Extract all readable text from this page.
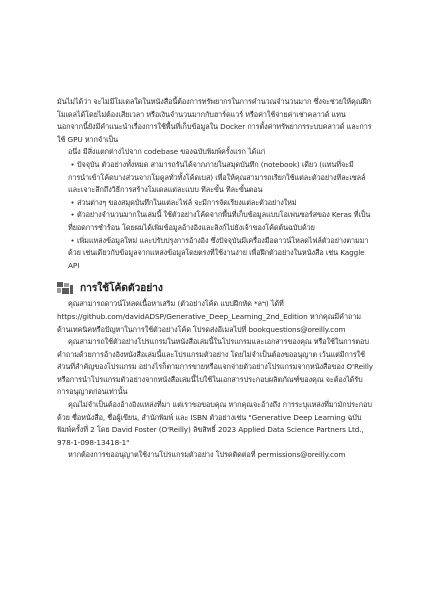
มันไม่ได้ว่า จะไม่มีโมเดลใดในหนังสือนี้ต้องการทรัพยากรในการคำนวณจำนวนมาก ซึ่งจะช่วยให้คุณฝึกโมเดลได้โดยไม่ต้องเสียเวลา หรือเงินจำนวนมากกับฮาร์ดแวร์ หรือค่าใช้จ่ายค่าเช่าคลาวด์ แทน นอกจากนี้ยังมีคำแนะนำเรื่องการใช้พื้นที่เก็บข้อมูลใน Docker การตั้งค่าทรัพยากรระบบคลาวด์ และการใช้ GPU หากจำเป็น

อนึ่ง มีสิ่งแตกต่างไปจาก codebase ของฉบับพิมพ์ครั้งแรก ได้แก่

• ปัจจุบัน ตัวอย่างทั้งหมด สามารถรันได้จากภายในสมุดบันทึก (notebook) เดียว (แทนที่จะมีการนำเข้าโค้ดบางส่วนจากโมดูลทั่วทั้งโค้ดเบส) เพื่อให้คุณสามารถเรียกใช้แต่ละตัวอย่างทีละเซลล์ และเจาะลึกถึงวิธีการสร้างโมเดลแต่ละแบบ ทีละขั้น ทีละขั้นตอน

• ส่วนต่างๆ ของสมุดบันทึกในแต่ละไฟล์ จะมีการจัดเรียงแต่ละตัวอย่างใหม่

• ตัวอย่างจำนวนมากในเล่มนี้ ใช้ตัวอย่างโค้ดจากพื้นที่เก็บข้อมูลแบบโอเพ่นซอร์สของ Keras ที่เป็นที่ยอดการชำร้อน โดยผมได้เพิ่มข้อมูลอ้างอิงและลิงก์ไปยังเจ้าของโค้ดต้นฉบับด้วย

• เพิ่มแหล่งข้อมูลใหม่ และปรับปรุงการอ้างอิง ซึ่งปัจจุบันมีเครื่องมือดาวน์โหลดไฟล์ตัวอย่างตามมาด้วย เช่นเดียวกับข้อมูลจากแหล่งข้อมูลโดยตรงที่ใช้งานง่าย เพื่อฝึกตัวอย่างในหนังสือ เช่น Kaggle API

การใช้โค้ดตัวอย่าง

คุณสามารถดาวน์โหลดเนื้อหาเสริม (ตัวอย่างโค้ด แบบฝึกหัด *ลฯ) ได้ที่ https://github.com/davidADSP/Generative_Deep_Learning_2nd_Edition หากคุณมีคำถามด้านเทคนิคหรือปัญหาในการใช้ตัวอย่างโค้ด โปรดส่งอีเมลไปที่ bookquestions@oreilly.com

คุณสามารถใช้ตัวอย่างโปรแกรมในหนังสือเล่มนี้ในโปรแกรมและเอกสารของคุณ หรือใช้ในการตอบคำถามด้วยการอ้างอิงหนังสือเล่มนี้และโปรแกรมตัวอย่าง โดยไม่จำเป็นต้องขออนุญาต เว้นแต่มีการใช้ส่วนที่สำคัญของโปรแกรม อย่างไรก็ตามการขายหรือแจกจ่ายตัวอย่างโปรแกรมจากหนังสือของ O'Reilly หรือการนำโปรแกรมตัวอย่างจากหนังสือเล่มนี้ไปใช้ในเอกสารประกอบผลิตภัณฑ์ของคุณ จะต้องได้รับการอนุญาตก่อนเท่านั้น

คุณไม่จำเป็นต้องอ้างอิงแหล่งที่มา แต่เราขอขอบคุณ หากคุณจะอ้างถึง การระบุแหล่งที่มามักประกอบด้วย ชื่อหนังสือ, ชื่อผู้เขียน, สำนักพิมพ์ และ ISBN ตัวอย่างเช่น "Generative Deep Learning ฉบับพิมพ์ครั้งที่ 2 โดย David Foster (O'Reilly) ลิขสิทธิ์ 2023 Applied Data Science Partners Ltd., 978-1-098-13418-1"

หากต้องการขออนุญาตใช้งานโปรแกรมตัวอย่าง โปรดติดต่อที่ permissions@oreilly.com
